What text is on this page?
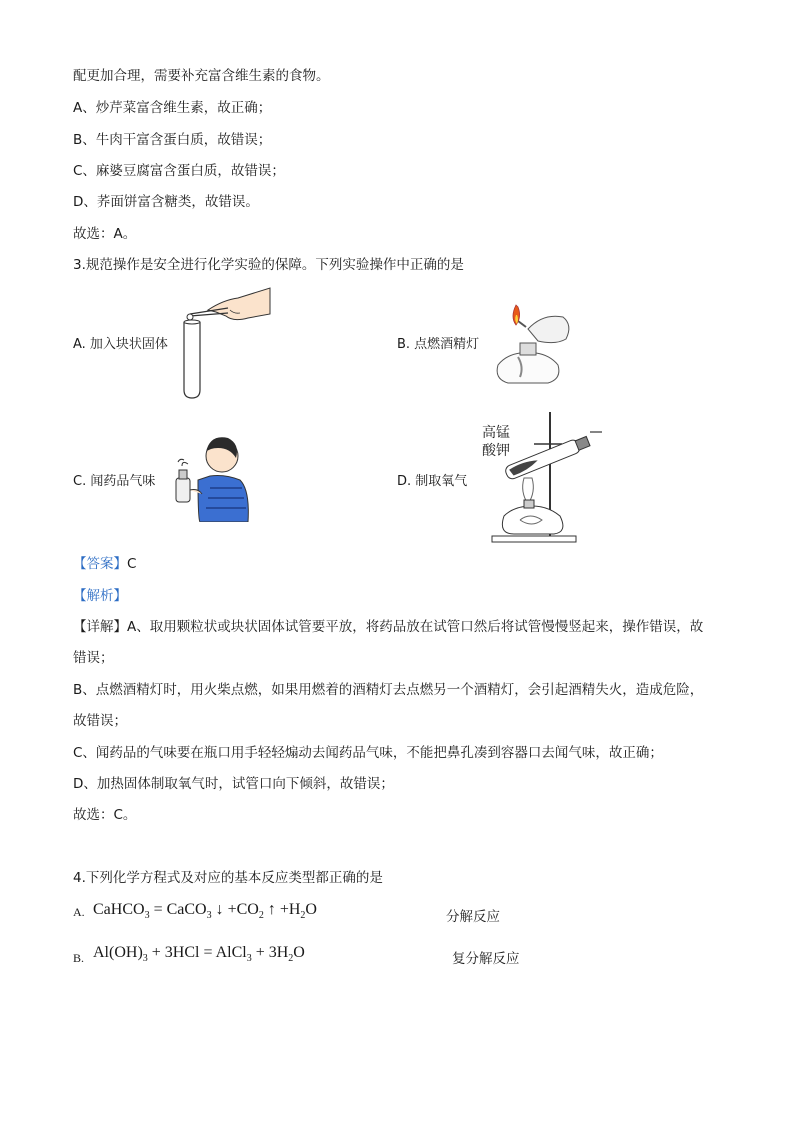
配更加合理，需要补充富含维生素的食物。
A、炒芹菜富含维生素，故正确；
B、牛肉干富含蛋白质，故错误；
C、麻婆豆腐富含蛋白质，故错误；
D、荞面饼富含糖类，故错误。
故选：A。
3.规范操作是安全进行化学实验的保障。下列实验操作中正确的是
A. 加入块状固体	B. 点燃酒精灯
C. 闻药品气味	D. 制取氧气
高锰
酸钾
【答案】C
【解析】
【详解】A、取用颗粒状或块状固体试管要平放，将药品放在试管口然后将试管慢慢竖起来，操作错误，故
错误；
B、点燃酒精灯时，用火柴点燃，如果用燃着的酒精灯去点燃另一个酒精灯，会引起酒精失火，造成危险，
故错误；
C、闻药品的气味要在瓶口用手轻轻煽动去闻药品气味，不能把鼻孔凑到容器口去闻气味，故正确；
D、加热固体制取氧气时，试管口向下倾斜，故错误；
故选：C。
4.下列化学方程式及对应的基本反应类型都正确的是
A. CaHCO$_3$ = CaCO$_3$ ↓ $+CO_2$ ↑ $+H_2O$	分解反应
B. $Al(OH)_3 + 3HCl$ = AlCl$_3$ + $3H_2O$	复分解反应
